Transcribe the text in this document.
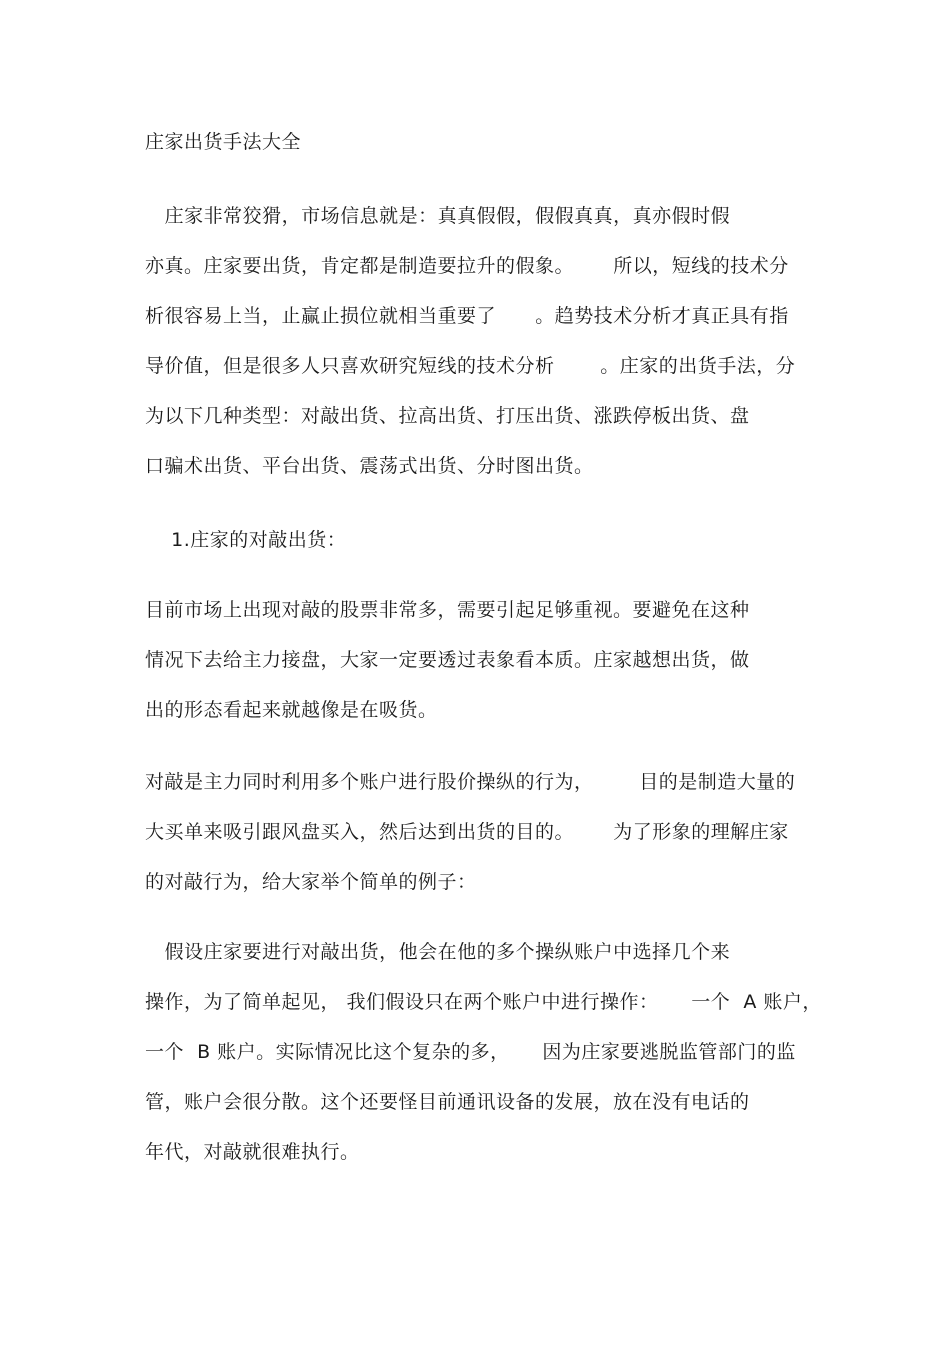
庄家出货手法大全
庄家非常狡猾，市场信息就是：真真假假，假假真真，真亦假时假
亦真。庄家要出货，肯定都是制造要拉升的假象。      所以，短线的技术分
析很容易上当，止赢止损位就相当重要了      。趋势技术分析才真正具有指
导价值，但是很多人只喜欢研究短线的技术分析       。庄家的出货手法，分
为以下几种类型：对敲出货、拉高出货、打压出货、涨跌停板出货、盘
口骗术出货、平台出货、震荡式出货、分时图出货。
1.庄家的对敲出货：
目前市场上出现对敲的股票非常多，需要引起足够重视。要避免在这种
情况下去给主力接盘，大家一定要透过表象看本质。庄家越想出货，做
出的形态看起来就越像是在吸货。
对敲是主力同时利用多个账户进行股价操纵的行为，       目的是制造大量的
大买单来吸引跟风盘买入，然后达到出货的目的。      为了形象的理解庄家
的对敲行为，给大家举个简单的例子：
假设庄家要进行对敲出货，他会在他的多个操纵账户中选择几个来
操作，为了简单起见， 我们假设只在两个账户中进行操作：     一个  A 账户，
一个  B 账户。实际情况比这个复杂的多，     因为庄家要逃脱监管部门的监
管，账户会很分散。这个还要怪目前通讯设备的发展，放在没有电话的
年代，对敲就很难执行。
